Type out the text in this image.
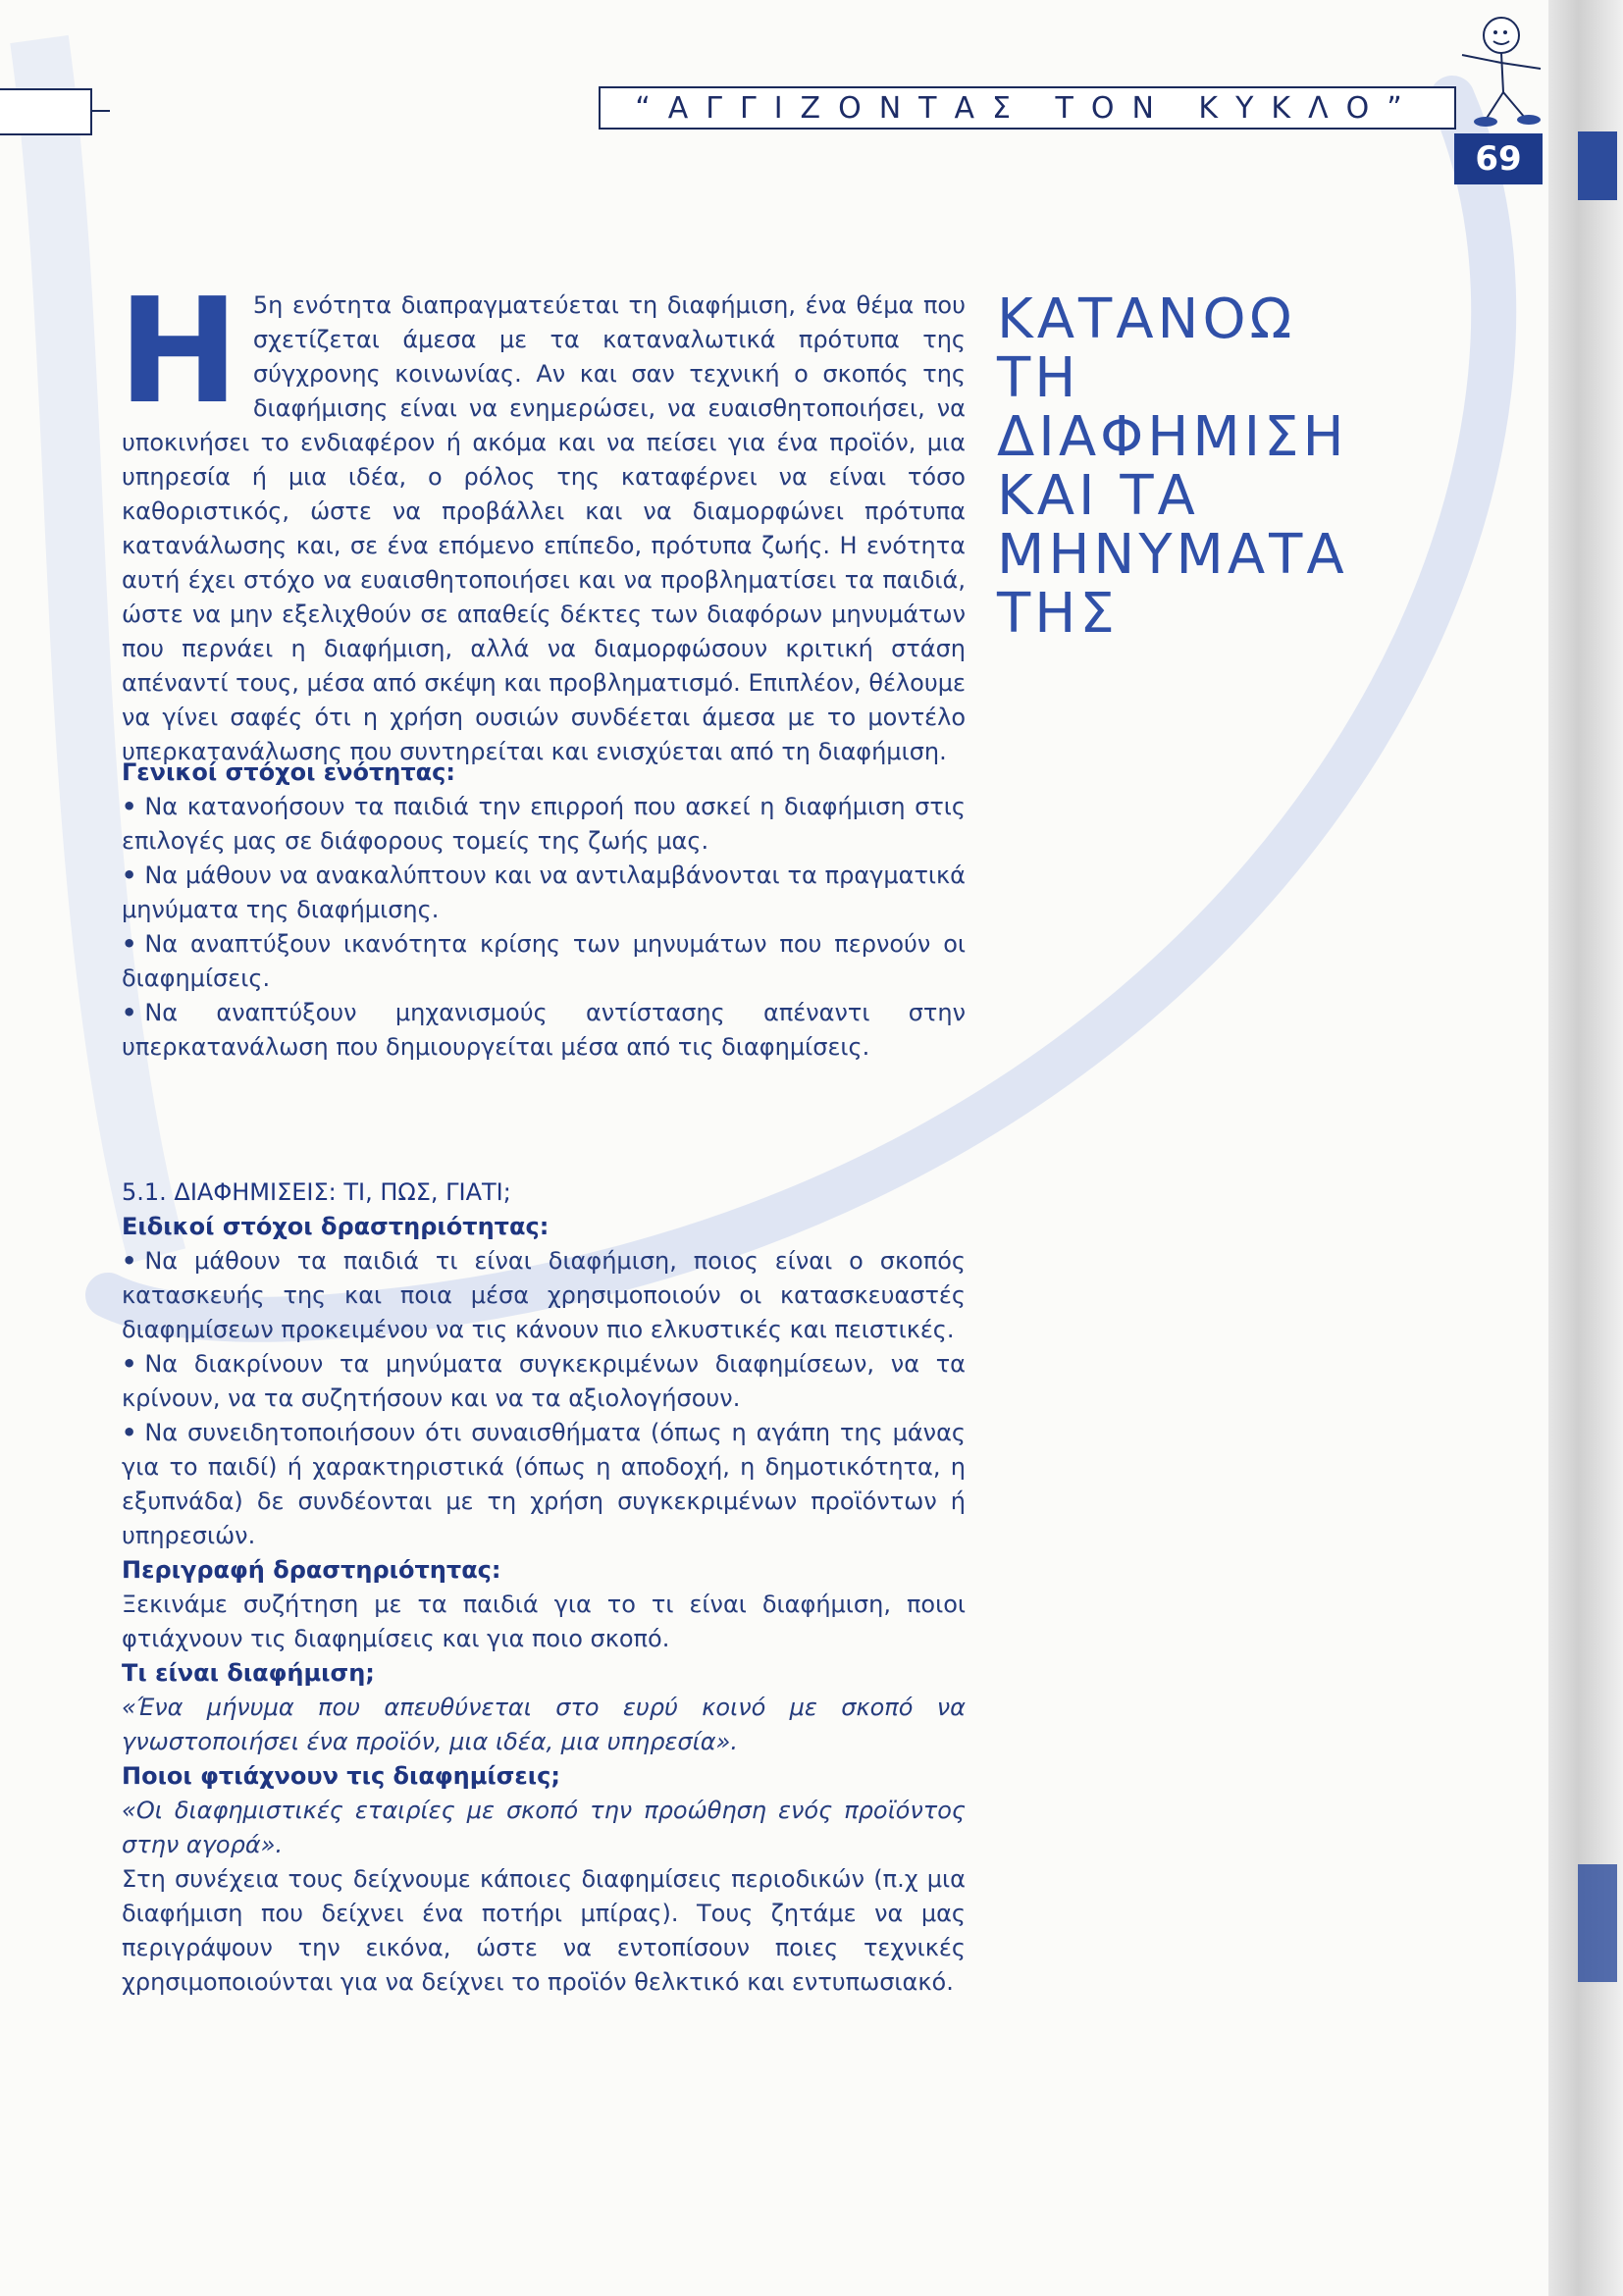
“ΑΓΓΙΖΟΝΤΑΣ ΤΟΝ ΚΥΚΛΟ”
69
ΚΑΤΑΝΟΩ
ΤΗ
ΔΙΑΦΗΜΙΣΗ
ΚΑΙ ΤΑ
ΜΗΝΥΜΑΤΑ
ΤΗΣ
Η 5η ενότητα διαπραγματεύεται τη διαφήμιση, ένα θέμα που σχετίζεται άμεσα με τα καταναλωτικά πρότυπα της σύγχρονης κοινωνίας. Αν και σαν τεχνική ο σκοπός της διαφήμισης είναι να ενημερώσει, να ευαισθητοποιήσει, να υποκινήσει το ενδιαφέρον ή ακόμα και να πείσει για ένα προϊόν, μια υπηρεσία ή μια ιδέα, ο ρόλος της καταφέρνει να είναι τόσο καθοριστικός, ώστε να προβάλλει και να διαμορφώνει πρότυπα κατανάλωσης και, σε ένα επόμενο επίπεδο, πρότυπα ζωής. Η ενότητα αυτή έχει στόχο να ευαισθητοποιήσει και να προβληματίσει τα παιδιά, ώστε να μην εξελιχθούν σε απαθείς δέκτες των διαφόρων μηνυμάτων που περνάει η διαφήμιση, αλλά να διαμορφώσουν κριτική στάση απέναντί τους, μέσα από σκέψη και προβληματισμό. Επιπλέον, θέλουμε να γίνει σαφές ότι η χρήση ουσιών συνδέεται άμεσα με το μοντέλο υπερκατανάλωσης που συντηρείται και ενισχύεται από τη διαφήμιση.
Γενικοί στόχοι ενότητας:

• Να κατανοήσουν τα παιδιά την επιρροή που ασκεί η διαφήμιση στις επιλογές μας σε διάφορους τομείς της ζωής μας.

• Να μάθουν να ανακαλύπτουν και να αντιλαμβάνονται τα πραγματικά μηνύματα της διαφήμισης.

• Να αναπτύξουν ικανότητα κρίσης των μηνυμάτων που περνούν οι διαφημίσεις.

• Να αναπτύξουν μηχανισμούς αντίστασης απέναντι στην υπερκατανάλωση που δημιουργείται μέσα από τις διαφημίσεις.

5.1. ΔΙΑΦΗΜΙΣΕΙΣ: ΤΙ, ΠΩΣ, ΓΙΑΤΙ;
Ειδικοί στόχοι δραστηριότητας:

• Να μάθουν τα παιδιά τι είναι διαφήμιση, ποιος είναι ο σκοπός κατασκευής της και ποια μέσα χρησιμοποιούν οι κατασκευαστές διαφημίσεων προκειμένου να τις κάνουν πιο ελκυστικές και πειστικές.

• Να διακρίνουν τα μηνύματα συγκεκριμένων διαφημίσεων, να τα κρίνουν, να τα συζητήσουν και να τα αξιολογήσουν.

• Να συνειδητοποιήσουν ότι συναισθήματα (όπως η αγάπη της μάνας για το παιδί) ή χαρακτηριστικά (όπως η αποδοχή, η δημοτικότητα, η εξυπνάδα) δε συνδέονται με τη χρήση συγκεκριμένων προϊόντων ή υπηρεσιών.

Περιγραφή δραστηριότητας:
Ξεκινάμε συζήτηση με τα παιδιά για το τι είναι διαφήμιση, ποιοι φτιάχνουν τις διαφημίσεις και για ποιο σκοπό.
Τι είναι διαφήμιση;
«Ένα μήνυμα που απευθύνεται στο ευρύ κοινό με σκοπό να γνωστοποιήσει ένα προϊόν, μια ιδέα, μια υπηρεσία».
Ποιοι φτιάχνουν τις διαφημίσεις;
«Οι διαφημιστικές εταιρίες με σκοπό την προώθηση ενός προϊόντος στην αγορά».
Στη συνέχεια τους δείχνουμε κάποιες διαφημίσεις περιοδικών (π.χ μια διαφήμιση που δείχνει ένα ποτήρι μπίρας). Τους ζητάμε να μας περιγράψουν την εικόνα, ώστε να εντοπίσουν ποιες τεχνικές χρησιμοποιούνται για να δείχνει το προϊόν θελκτικό και εντυπωσιακό.
